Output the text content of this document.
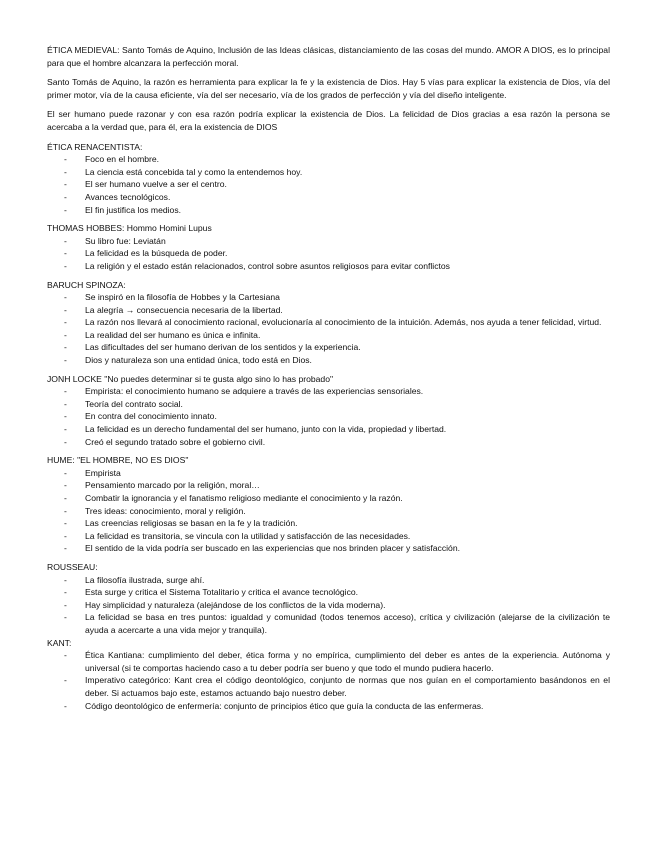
ÉTICA MEDIEVAL: Santo Tomás de Aquino, Inclusión de las Ideas clásicas, distanciamiento de las cosas del mundo. AMOR A DIOS, es lo principal para que el hombre alcanzara la perfección moral.

Santo Tomás de Aquino, la razón es herramienta para explicar la fe y la existencia de Dios. Hay 5 vías para explicar la existencia de Dios, vía del primer motor, vía de la causa eficiente, vía del ser necesario, vía de los grados de perfección y vía del diseño inteligente.

El ser humano puede razonar y con esa razón podría explicar la existencia de Dios. La felicidad de Dios gracias a esa razón la persona se acercaba a la verdad que, para él, era la existencia de DIOS

ÉTICA RENACENTISTA:

- Foco en el hombre.
- La ciencia está concebida tal y como la entendemos hoy.
- El ser humano vuelve a ser el centro.
- Avances tecnológicos.
- El fin justifica los medios.

THOMAS HOBBES: Hommo Homini Lupus

- Su libro fue: Leviatán
- La felicidad es la búsqueda de poder.
- La religión y el estado están relacionados, control sobre asuntos religiosos para evitar conflictos

BARUCH SPINOZA:

- Se inspiró en la filosofía de Hobbes y la Cartesiana
- La alegría → consecuencia necesaria de la libertad.
- La razón nos llevará al conocimiento racional, evolucionaría al conocimiento de la intuición. Además, nos ayuda a tener felicidad, virtud.
- La realidad del ser humano es única e infinita.
- Las dificultades del ser humano derivan de los sentidos y la experiencia.
- Dios y naturaleza son una entidad única, todo está en Dios.

JONH LOCKE "No puedes determinar si te gusta algo sino lo has probado"

- Empirista: el conocimiento humano se adquiere a través de las experiencias sensoriales.
- Teoría del contrato social.
- En contra del conocimiento innato.
- La felicidad es un derecho fundamental del ser humano, junto con la vida, propiedad y libertad.
- Creó el segundo tratado sobre el gobierno civil.

HUME: "EL HOMBRE, NO ES DIOS"

- Empirista
- Pensamiento marcado por la religión, moral…
- Combatir la ignorancia y el fanatismo religioso mediante el conocimiento y la razón.
- Tres ideas: conocimiento, moral y religión.
- Las creencias religiosas se basan en la fe y la tradición.
- La felicidad es transitoria, se vincula con la utilidad y satisfacción de las necesidades.
- El sentido de la vida podría ser buscado en las experiencias que nos brinden placer y satisfacción.

ROUSSEAU:

- La filosofía ilustrada, surge ahí.
- Esta surge y critica el Sistema Totalitario y critica el avance tecnológico.
- Hay simplicidad y naturaleza (alejándose de los conflictos de la vida moderna).
- La felicidad se basa en tres puntos: igualdad y comunidad (todos tenemos acceso), crítica y civilización (alejarse de la civilización te ayuda a acercarte a una vida mejor y tranquila).

KANT:

- Ética Kantiana: cumplimiento del deber, ética forma y no empírica, cumplimiento del deber es antes de la experiencia. Autónoma y universal (si te comportas haciendo caso a tu deber podría ser bueno y que todo el mundo pudiera hacerlo.
- Imperativo categórico: Kant crea el código deontológico, conjunto de normas que nos guían en el comportamiento basándonos en el deber. Si actuamos bajo este, estamos actuando bajo nuestro deber.
- Código deontológico de enfermería: conjunto de principios ético que guía la conducta de las enfermeras.
